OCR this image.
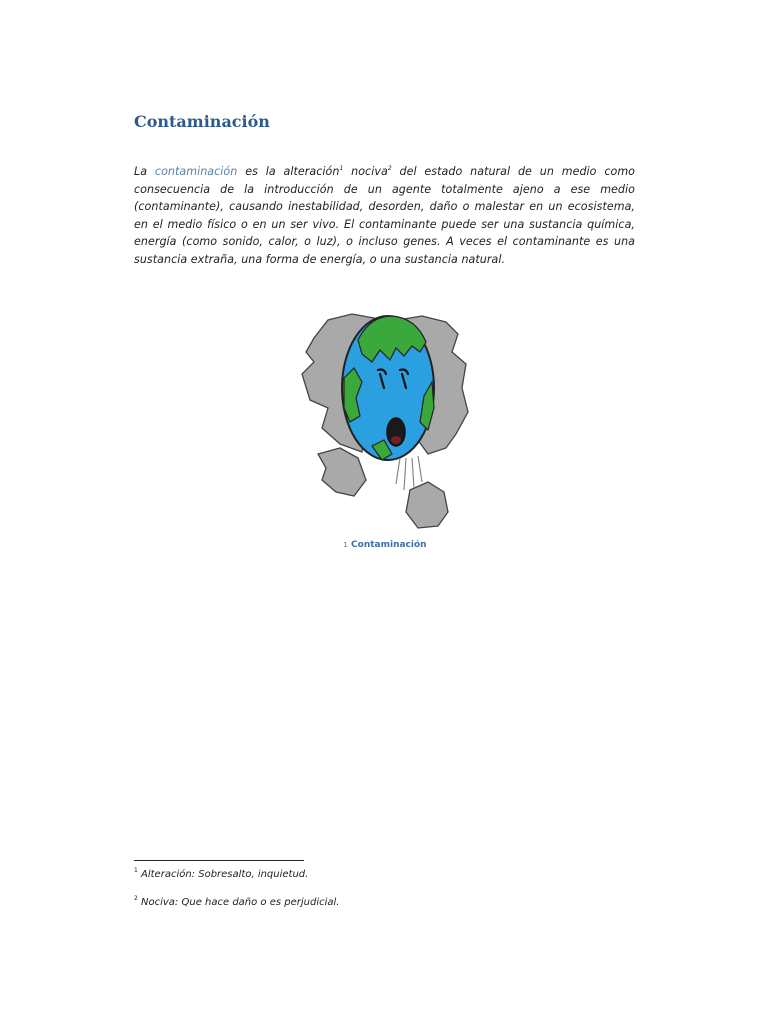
Contaminación

La contaminación es la alteración$^1$ nociva$^2$ del estado natural de un medio como consecuencia de la introducción de un agente totalmente ajeno a ese medio (contaminante), causando inestabilidad, desorden, daño o malestar en un ecosistema, en el medio físico o en un ser vivo. El contaminante puede ser una sustancia química, energía (como sonido, calor, o luz), o incluso genes. A veces el contaminante es una sustancia extraña, una forma de energía, o una sustancia natural.

1 Contaminación

$^1$ Alteración: Sobresalto, inquietud.

$^2$ Nociva: Que hace daño o es perjudicial.
